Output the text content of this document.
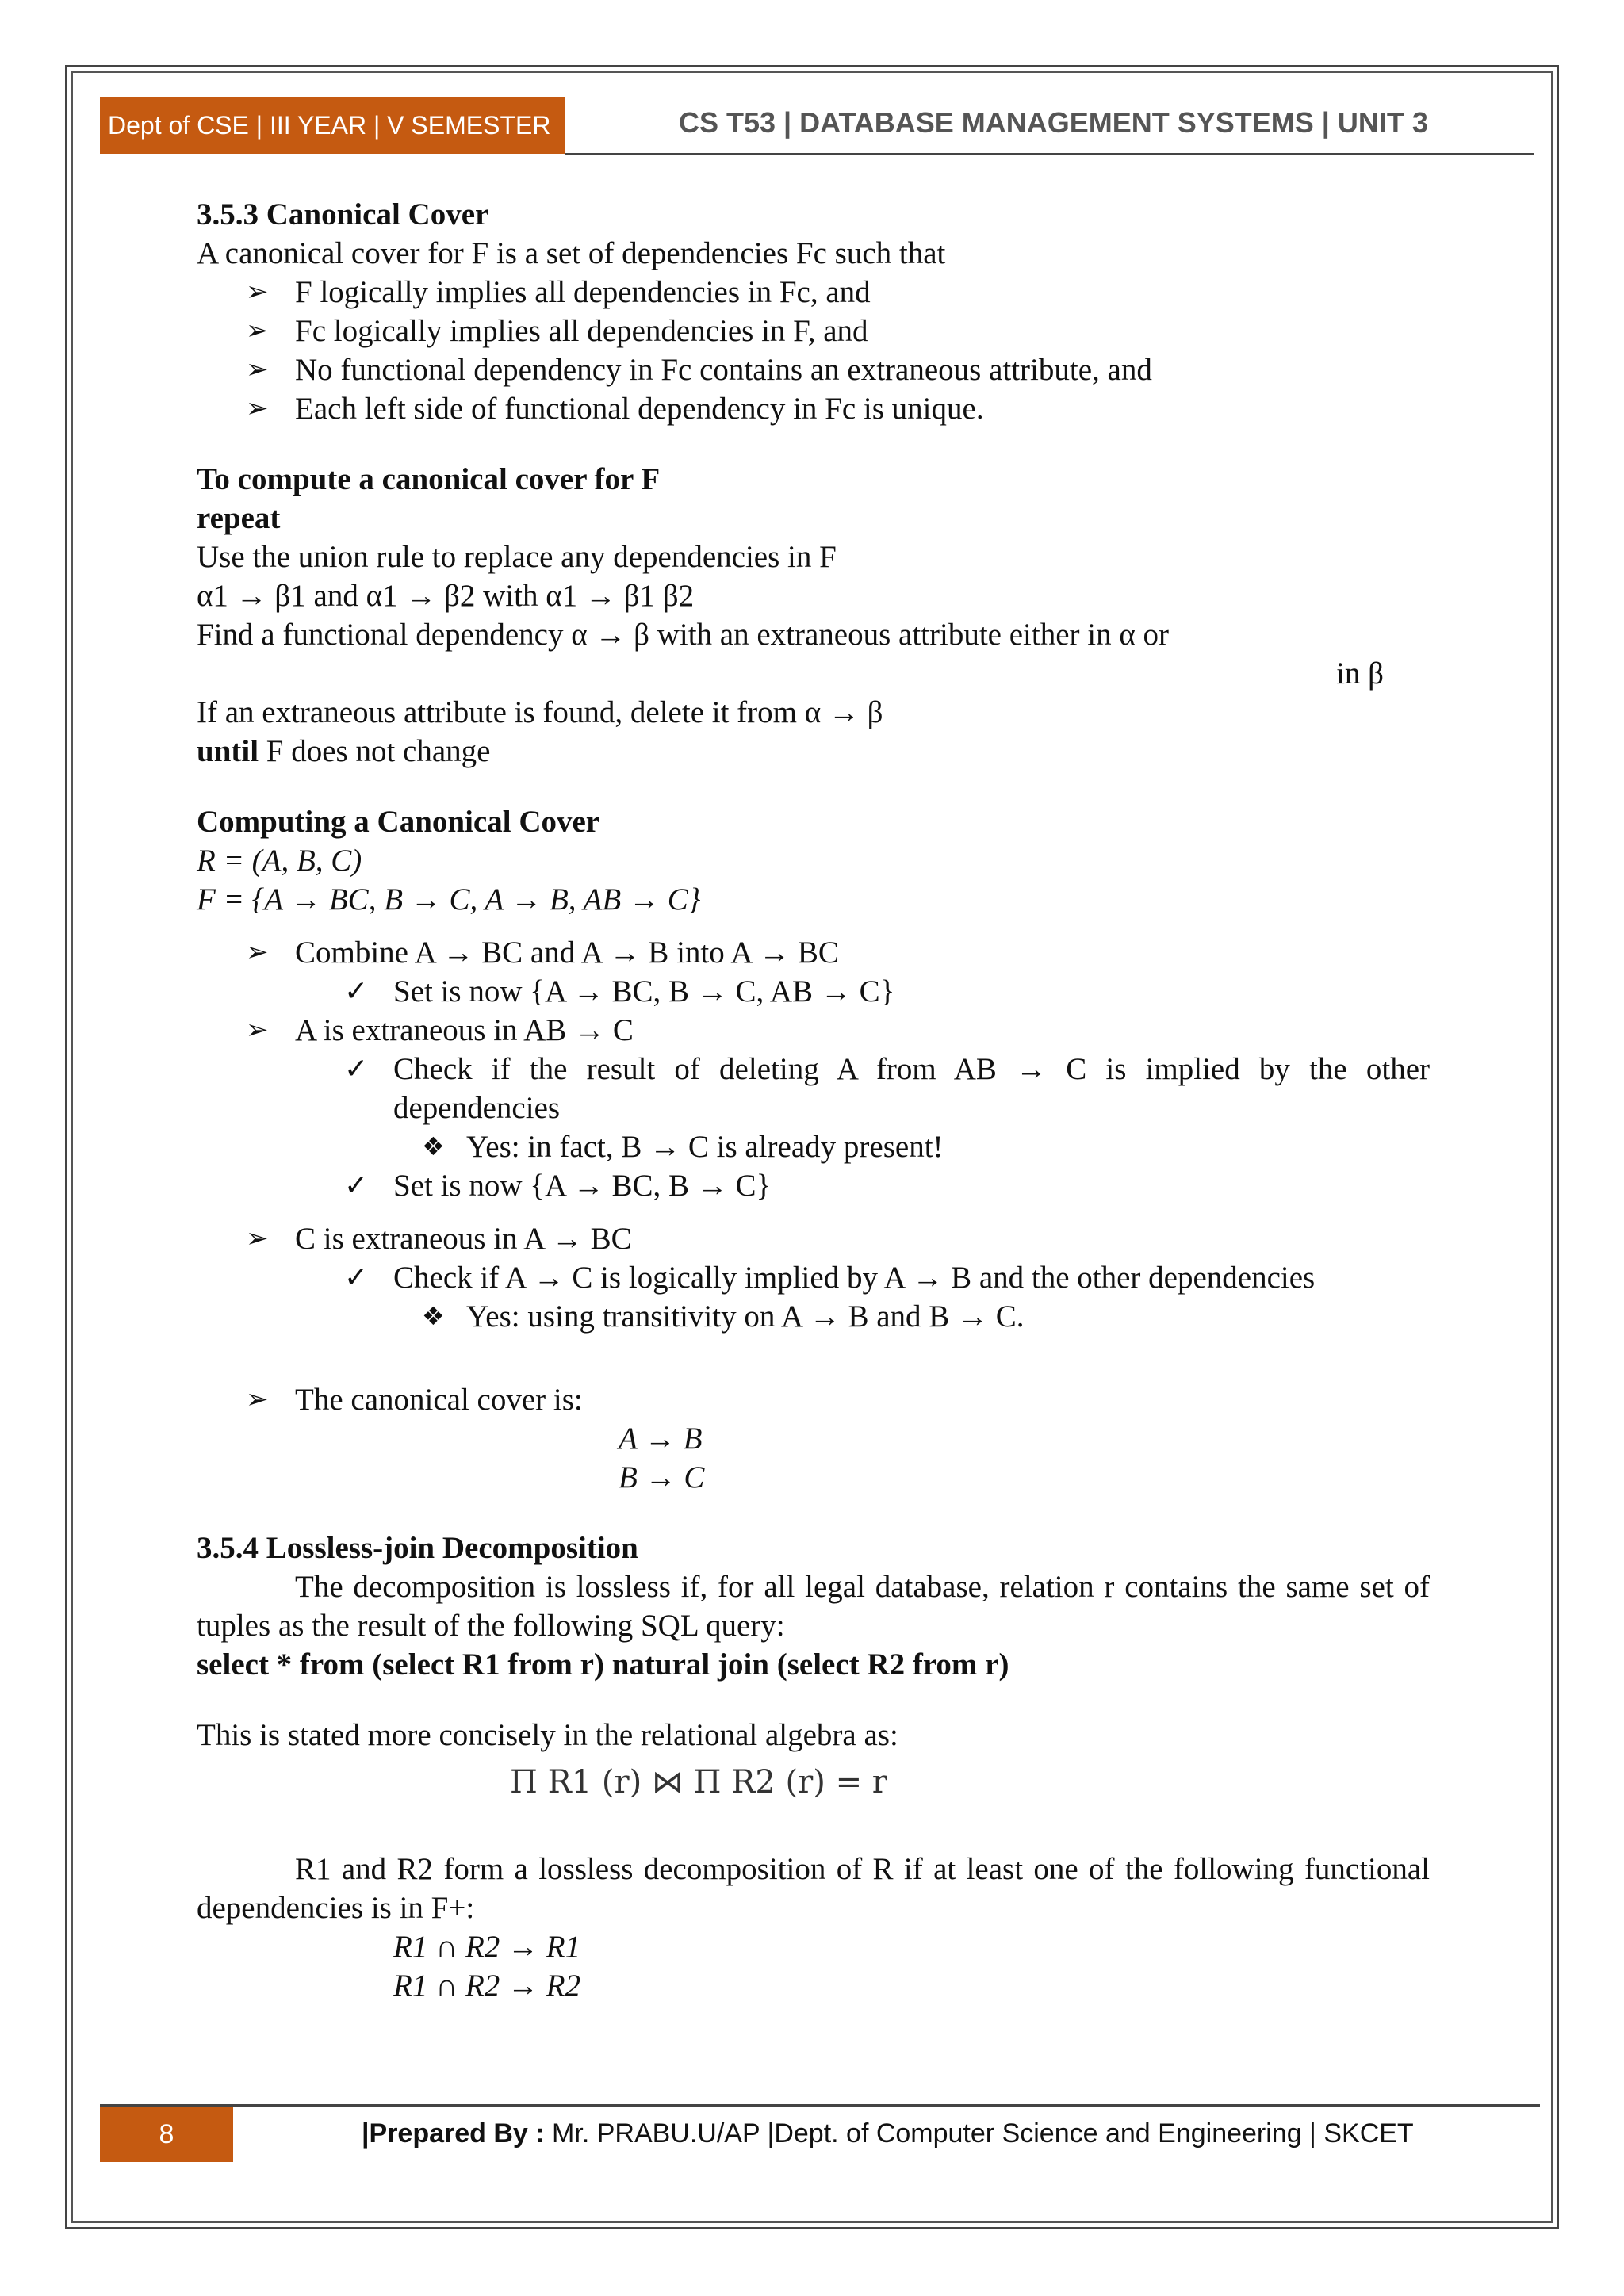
Dept of CSE | III YEAR | V SEMESTER	CS T53 | DATABASE MANAGEMENT SYSTEMS | UNIT 3

3.5.3 Canonical Cover

A canonical cover for F is a set of dependencies Fc such that

➢ F logically implies all dependencies in Fc, and

➢ Fc logically implies all dependencies in F, and

➢ No functional dependency in Fc contains an extraneous attribute, and

➢ Each left side of functional dependency in Fc is unique.

To compute a canonical cover for F

repeat

Use the union rule to replace any dependencies in F

α1 → β1 and α1 → β2 with α1 → β1 β2

Find a functional dependency α → β with an extraneous attribute either in α or

in β

If an extraneous attribute is found, delete it from α → β

until F does not change

Computing a Canonical Cover

R = (A, B, C)

F = {A → BC, B → C, A → B, AB → C}

➢ Combine A → BC and A → B into A → BC

✓ Set is now {A → BC, B → C, AB → C}

➢ A is extraneous in AB → C

✓ Check if the result of deleting A from AB → C is implied by the other dependencies

❖ Yes: in fact, B → C is already present!

✓ Set is now {A → BC, B → C}

➢ C is extraneous in A → BC

✓ Check if A → C is logically implied by A → B and the other dependencies

❖ Yes: using transitivity on A → B and B → C.

➢ The canonical cover is:

A → B

B → C

3.5.4 Lossless-join Decomposition

The decomposition is lossless if, for all legal database, relation r contains the same set of tuples as the result of the following SQL query:

select * from (select R1 from r) natural join (select R2 from r)

This is stated more concisely in the relational algebra as:

Π R1 (r) ⋈ Π R2 (r) = r

R1 and R2 form a lossless decomposition of R if at least one of the following functional dependencies is in F+:

R1 ∩ R2 → R1

R1 ∩ R2 → R2

8	|Prepared By : Mr. PRABU.U/AP |Dept. of Computer Science and Engineering | SKCET
